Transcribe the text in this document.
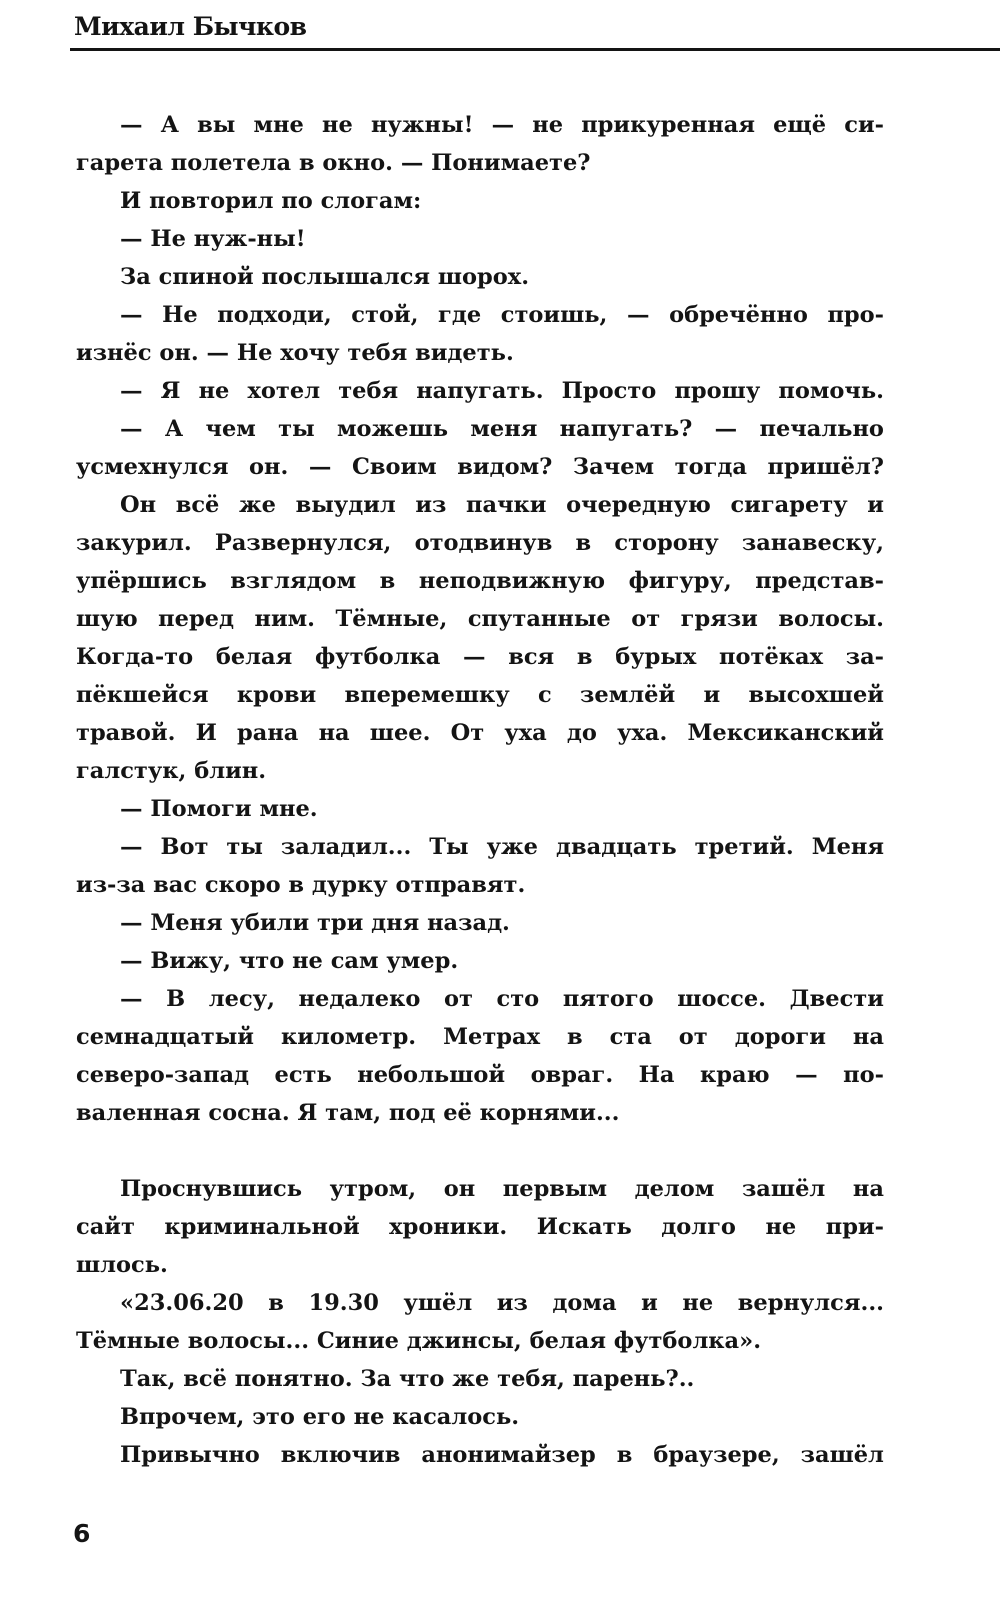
Михаил Бычков
— А вы мне не нужны! — не прикуренная ещё си-
гарета полетела в окно. — Понимаете?
И повторил по слогам:
— Не нуж-ны!
За спиной послышался шорох.
— Не подходи, стой, где стоишь, — обречённо про-
изнёс он. — Не хочу тебя видеть.
— Я не хотел тебя напугать. Просто прошу помочь.
— А чем ты можешь меня напугать? — печально
усмехнулся он. — Своим видом? Зачем тогда пришёл?
Он всё же выудил из пачки очередную сигарету и
закурил. Развернулся, отодвинув в сторону занавеску,
упёршись взглядом в неподвижную фигуру, представ-
шую перед ним. Тёмные, спутанные от грязи волосы.
Когда-то белая футболка — вся в бурых потёках за-
пёкшейся крови вперемешку с землёй и высохшей
травой. И рана на шее. От уха до уха. Мексиканский
галстук, блин.
— Помоги мне.
— Вот ты заладил... Ты уже двадцать третий. Меня
из-за вас скоро в дурку отправят.
— Меня убили три дня назад.
— Вижу, что не сам умер.
— В лесу, недалеко от сто пятого шоссе. Двести
семнадцатый километр. Метрах в ста от дороги на
северо-запад есть небольшой овраг. На краю — по-
валенная сосна. Я там, под её корнями...
Проснувшись утром, он первым делом зашёл на
сайт криминальной хроники. Искать долго не при-
шлось.
«23.06.20 в 19.30 ушёл из дома и не вернулся...
Тёмные волосы... Синие джинсы, белая футболка».
Так, всё понятно. За что же тебя, парень?..
Впрочем, это его не касалось.
Привычно включив анонимайзер в браузере, зашёл
6
